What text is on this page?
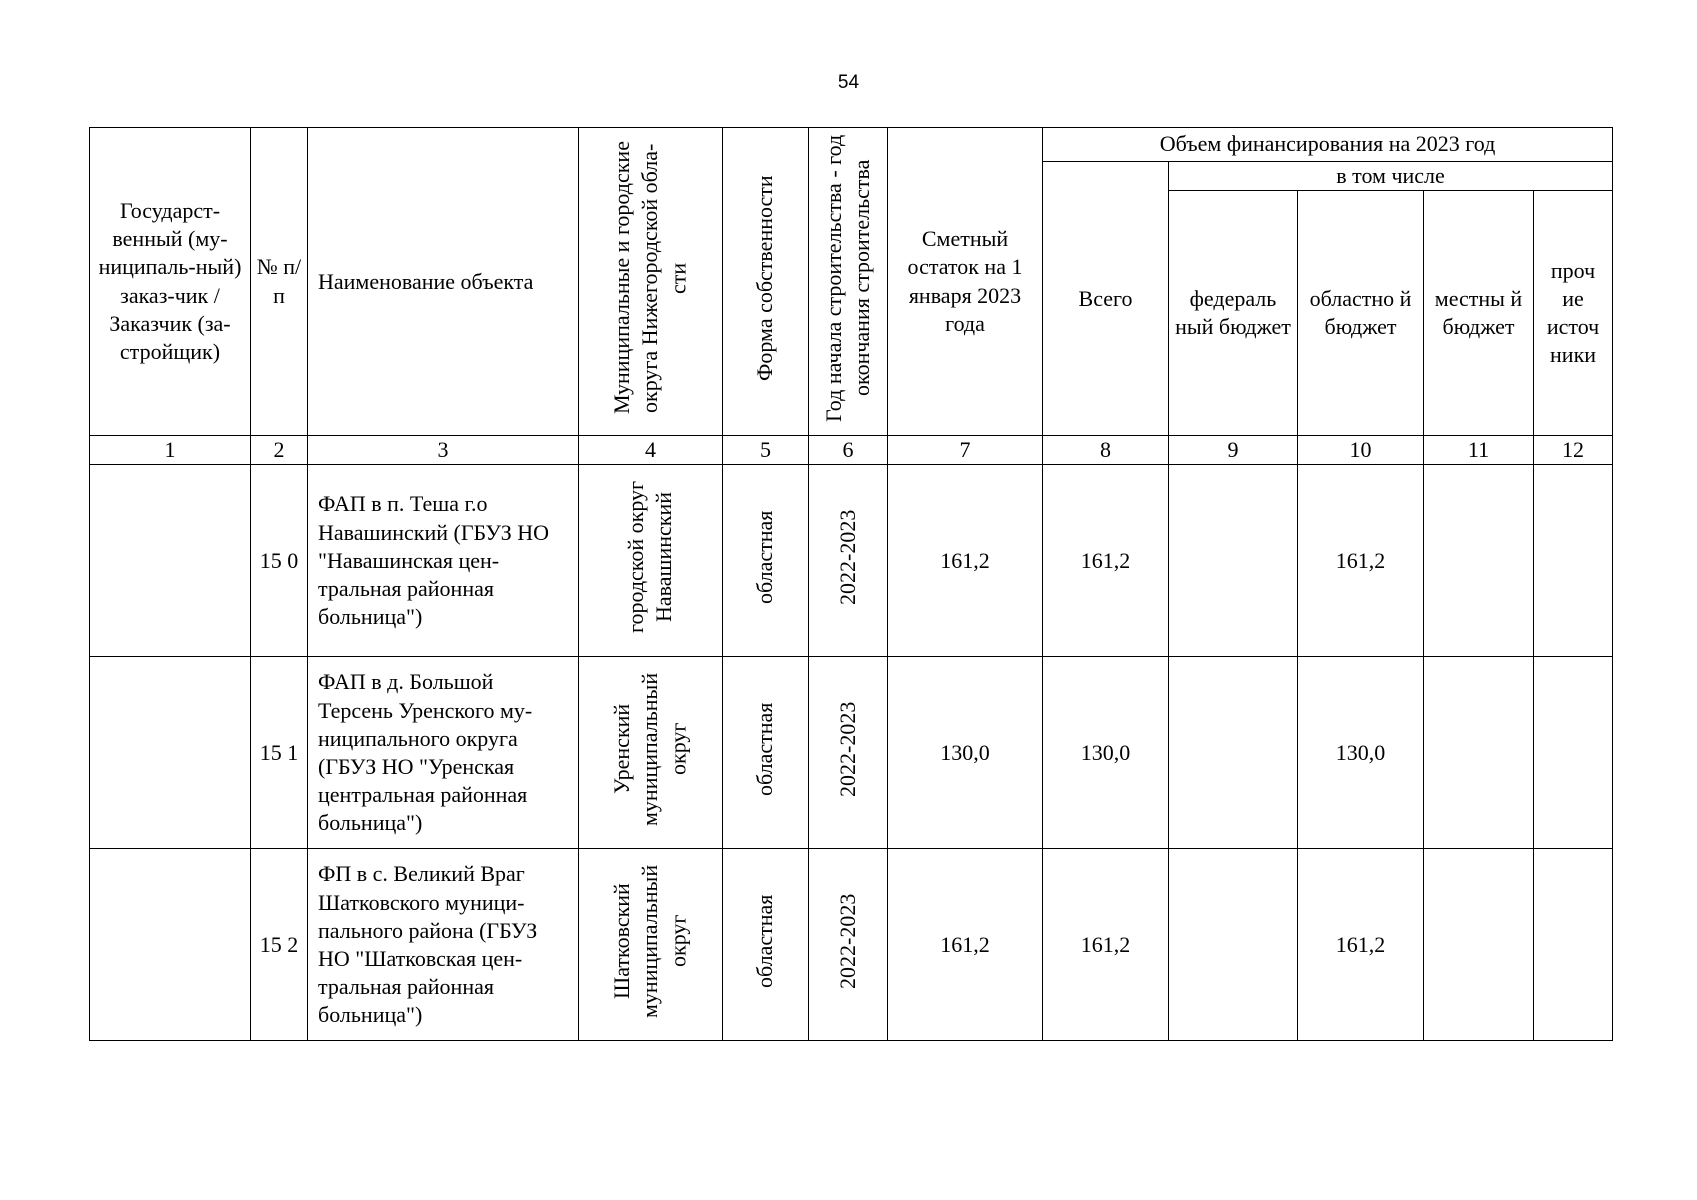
54
Государст-венный (му-ниципаль-ный) заказ-чик / Заказчик (за-стройщик)	№ п/п	Наименование объекта	Муниципальные и городские округа Нижегородской обла-сти	Форма собственности	Год начала строительства - год окончания строительства	Сметный остаток на 1 января 2023 года	Объем финансирования на 2023 год				
							Всего	в том числе			
								федераль ный бюджет	областно й бюджет	местны й бюджет	проч ие источ ники
1	2	3	4	5	6	7	8	9	10	11	12
	15 0	ФАП в п. Теша г.о Навашинский (ГБУЗ НО "Навашинская цен-тральная районная больница")	городской округ Навашинский	областная	2022-2023	161,2	161,2		161,2		
	15 1	ФАП в д. Большой Терсень Уренского му-ниципального округа (ГБУЗ НО "Уренская центральная районная больница")	Уренский муниципальный округ	областная	2022-2023	130,0	130,0		130,0		
	15 2	ФП в с. Великий Враг Шатковского муници-пального района (ГБУЗ НО "Шатковская цен-тральная районная больница")	Шатковский муниципальный округ	областная	2022-2023	161,2	161,2		161,2		
